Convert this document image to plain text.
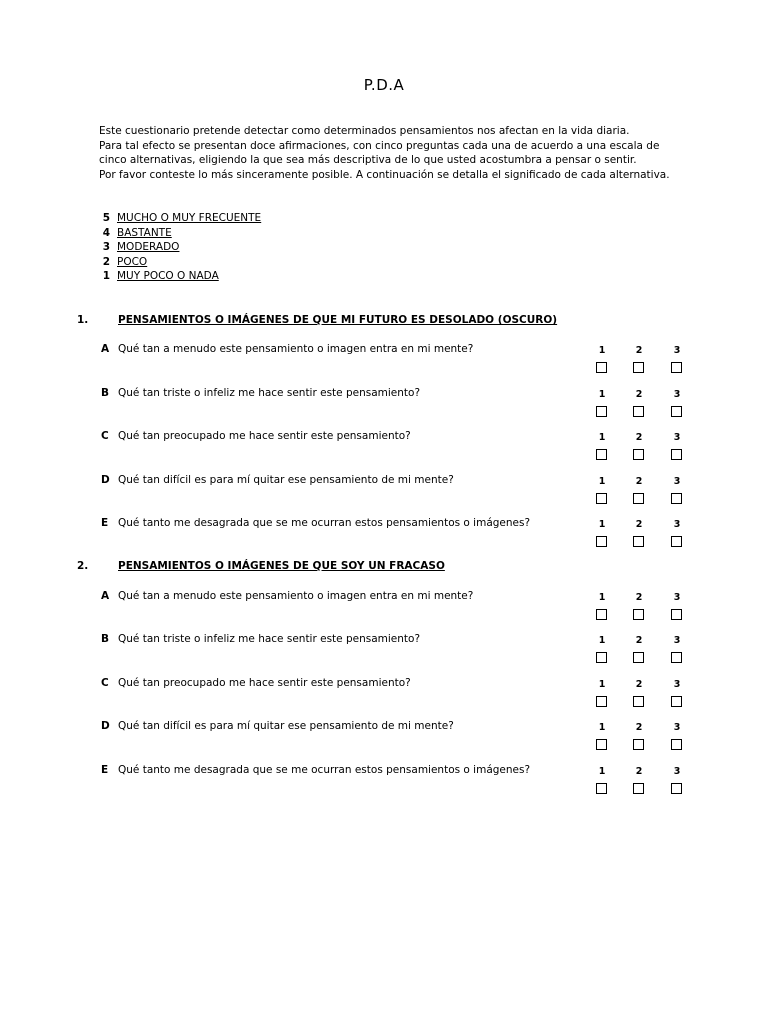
P.D.A
Este cuestionario pretende detectar como determinados pensamientos nos afectan en la vida diaria.
Para tal efecto se presentan doce afirmaciones, con cinco preguntas cada una de acuerdo a una escala de
cinco alternativas, eligiendo la que sea más descriptiva de lo que usted acostumbra a pensar o sentir.
Por favor conteste lo más sinceramente posible. A continuación se detalla el significado de cada alternativa.
5 MUCHO O MUY FRECUENTE
4 BASTANTE
3 MODERADO
2 POCO
1 MUY POCO O NADA
1.	PENSAMIENTOS O IMÁGENES DE QUE MI FUTURO ES DESOLADO (OSCURO)
A Qué tan a menudo este pensamiento o imagen entra en mi mente?	1	2	3
B Qué tan triste o infeliz me hace sentir este pensamiento?	1	2	3
C Qué tan preocupado me hace sentir este pensamiento?	1	2	3
D Qué tan difícil es para mí quitar ese pensamiento de mi mente?	1	2	3
E Qué tanto me desagrada que se me ocurran estos pensamientos o imágenes?	1	2	3
2.	PENSAMIENTOS O IMÁGENES DE QUE SOY UN FRACASO
A Qué tan a menudo este pensamiento o imagen entra en mi mente?	1	2	3
B Qué tan triste o infeliz me hace sentir este pensamiento?	1	2	3
C Qué tan preocupado me hace sentir este pensamiento?	1	2	3
D Qué tan difícil es para mí quitar ese pensamiento de mi mente?	1	2	3
E Qué tanto me desagrada que se me ocurran estos pensamientos o imágenes?	1	2	3
